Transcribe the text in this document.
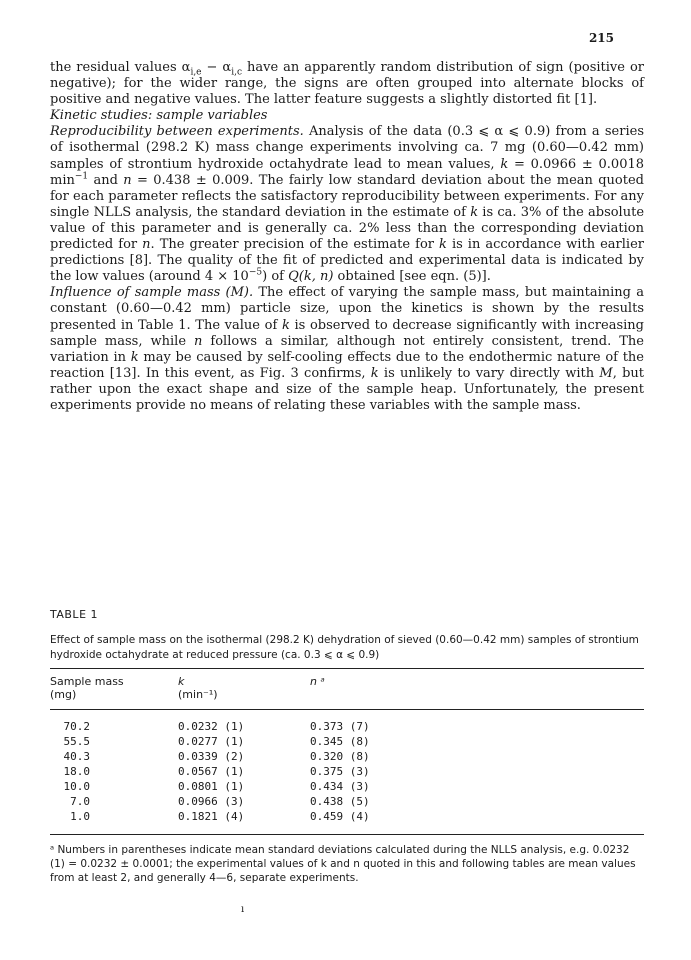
215

the residual values $\alpha_{i,e} - \alpha_{i,c}$ have an apparently random distribution of sign (positive or negative); for the wider range, the signs are often grouped into alternate blocks of positive and negative values. The latter feature suggests a slightly distorted fit [1].

Kinetic studies: sample variables

Reproducibility between experiments. Analysis of the data (0.3 ⩽ α ⩽ 0.9) from a series of isothermal (298.2 K) mass change experiments involving ca. 7 mg (0.60—0.42 mm) samples of strontium hydroxide octahydrate lead to mean values, k = 0.0966 ± 0.0018 $\min^{-1}$ and n = 0.438 ± 0.009. The fairly low standard deviation about the mean quoted for each parameter reflects the satisfactory reproducibility between experiments. For any single NLLS analysis, the standard deviation in the estimate of k is ca. 3% of the absolute value of this parameter and is generally ca. 2% less than the corresponding deviation predicted for n. The greater precision of the estimate for k is in accordance with earlier predictions [8]. The quality of the fit of predicted and experimental data is indicated by the low values (around $4 \times 10^{-5}$) of Q(k, n) obtained [see eqn. (5)].

Influence of sample mass (M). The effect of varying the sample mass, but maintaining a constant (0.60—0.42 mm) particle size, upon the kinetics is shown by the results presented in Table 1. The value of k is observed to decrease significantly with increasing sample mass, while n follows a similar, although not entirely consistent, trend. The variation in k may be caused by self-cooling effects due to the endothermic nature of the reaction [13]. In this event, as Fig. 3 confirms, k is unlikely to vary directly with M, but rather upon the exact shape and size of the sample heap. Unfortunately, the present experiments provide no means of relating these variables with the sample mass.

TABLE 1
Effect of sample mass on the isothermal (298.2 K) dehydration of sieved (0.60—0.42 mm) samples of strontium hydroxide octahydrate at reduced pressure (ca. 0.3 ⩽ α ⩽ 0.9)
Sample mass
(mg)
k
(min⁻¹)
n ᵃ
70.2	0.0232 (1)	0.373 (7)
55.5	0.0277 (1)	0.345 (8)
40.3	0.0339 (2)	0.320 (8)
18.0	0.0567 (1)	0.375 (3)
10.0	0.0801 (1)	0.434 (3)
7.0	0.0966 (3)	0.438 (5)
1.0	0.1821 (4)	0.459 (4)
ᵃ Numbers in parentheses indicate mean standard deviations calculated during the NLLS analysis, e.g. 0.0232 (1) = 0.0232 ± 0.0001; the experimental values of k and n quoted in this and following tables are mean values from at least 2, and generally 4—6, separate experiments.
ı
